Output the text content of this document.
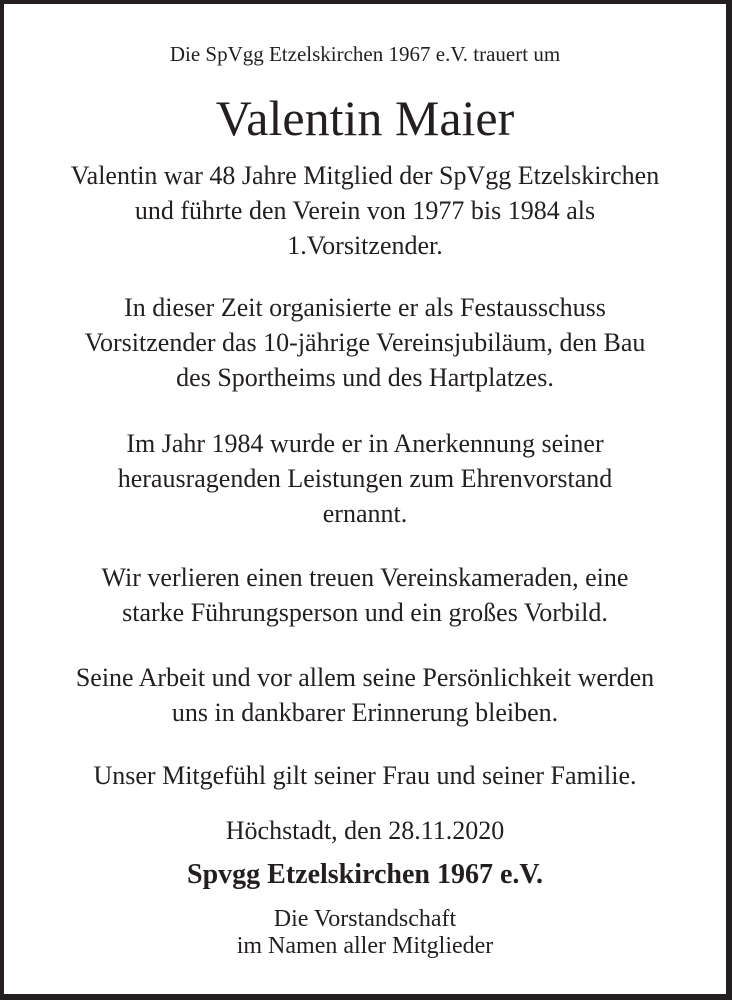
Die SpVgg Etzelskirchen 1967 e.V. trauert um
Valentin Maier
Valentin war 48 Jahre Mitglied der SpVgg Etzelskirchen
und führte den Verein von 1977 bis 1984 als
1.Vorsitzender.
In dieser Zeit organisierte er als Festausschuss
Vorsitzender das 10-jährige Vereinsjubiläum, den Bau
des Sportheims und des Hartplatzes.
Im Jahr 1984 wurde er in Anerkennung seiner
herausragenden Leistungen zum Ehrenvorstand
ernannt.
Wir verlieren einen treuen Vereinskameraden, eine
starke Führungsperson und ein großes Vorbild.
Seine Arbeit und vor allem seine Persönlichkeit werden
uns in dankbarer Erinnerung bleiben.
Unser Mitgefühl gilt seiner Frau und seiner Familie.
Höchstadt, den 28.11.2020
Spvgg Etzelskirchen 1967 e.V.
Die Vorstandschaft
im Namen aller Mitglieder
